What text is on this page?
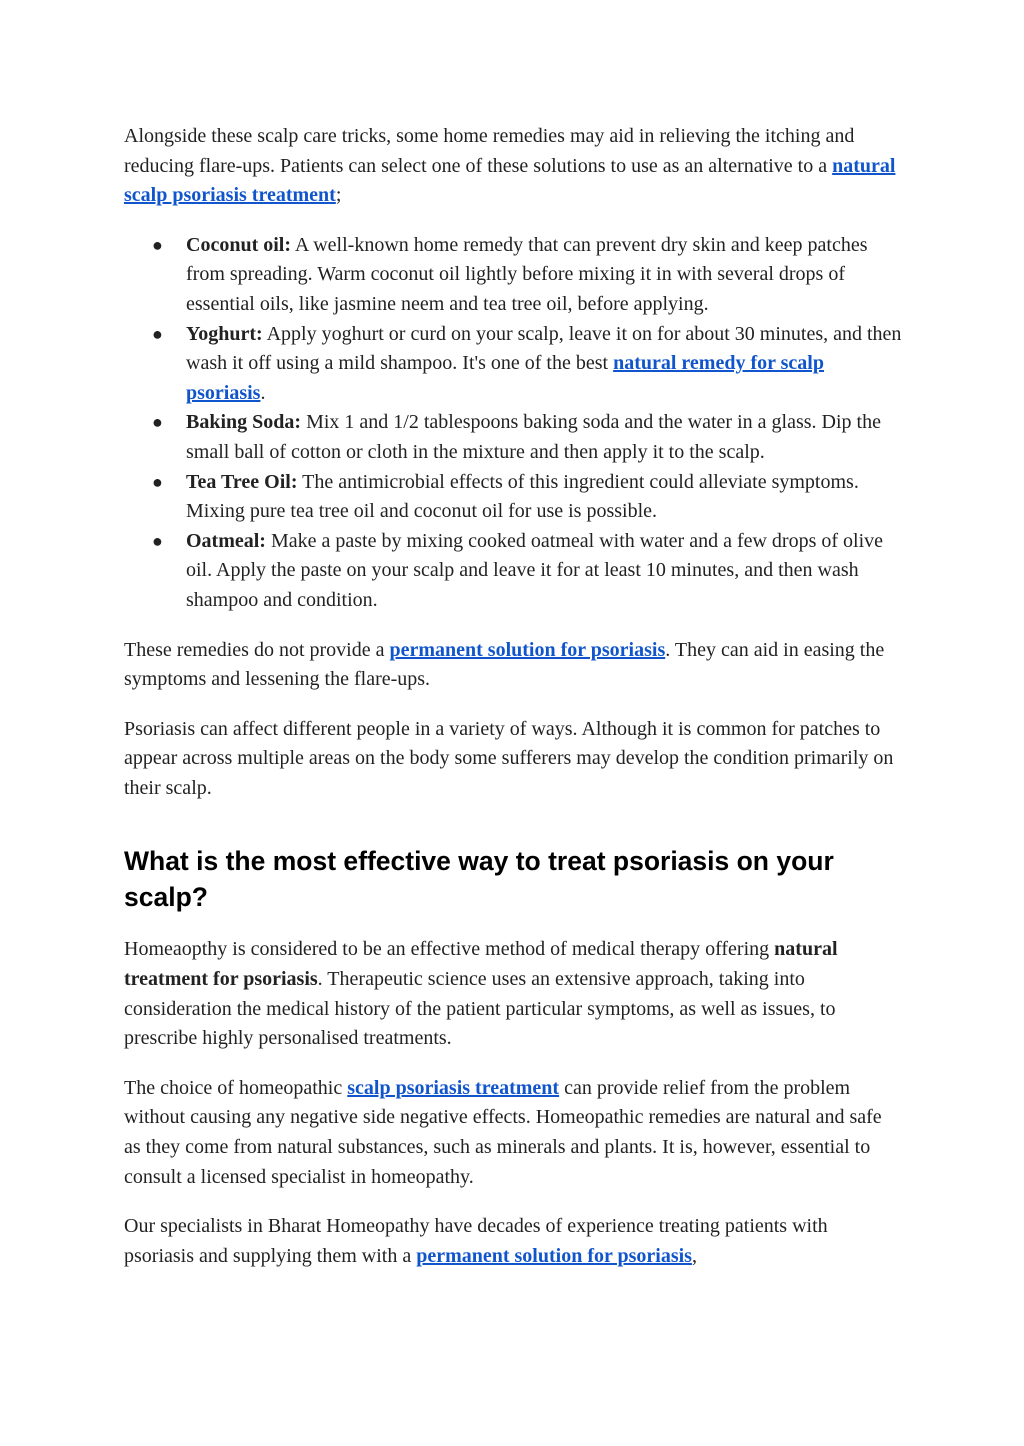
Alongside these scalp care tricks, some home remedies may aid in relieving the itching and reducing flare-ups. Patients can select one of these solutions to use as an alternative to a natural scalp psoriasis treatment;

● Coconut oil: A well-known home remedy that can prevent dry skin and keep patches from spreading. Warm coconut oil lightly before mixing it in with several drops of essential oils, like jasmine neem and tea tree oil, before applying.
● Yoghurt: Apply yoghurt or curd on your scalp, leave it on for about 30 minutes, and then wash it off using a mild shampoo. It's one of the best natural remedy for scalp psoriasis.
● Baking Soda: Mix 1 and 1/2 tablespoons baking soda and the water in a glass. Dip the small ball of cotton or cloth in the mixture and then apply it to the scalp.
● Tea Tree Oil: The antimicrobial effects of this ingredient could alleviate symptoms. Mixing pure tea tree oil and coconut oil for use is possible.
● Oatmeal: Make a paste by mixing cooked oatmeal with water and a few drops of olive oil. Apply the paste on your scalp and leave it for at least 10 minutes, and then wash shampoo and condition.

These remedies do not provide a permanent solution for psoriasis. They can aid in easing the symptoms and lessening the flare-ups.

Psoriasis can affect different people in a variety of ways. Although it is common for patches to appear across multiple areas on the body some sufferers may develop the condition primarily on their scalp.

What is the most effective way to treat psoriasis on your scalp?

Homeaopthy is considered to be an effective method of medical therapy offering natural treatment for psoriasis. Therapeutic science uses an extensive approach, taking into consideration the medical history of the patient particular symptoms, as well as issues, to prescribe highly personalised treatments.

The choice of homeopathic scalp psoriasis treatment can provide relief from the problem without causing any negative side negative effects. Homeopathic remedies are natural and safe as they come from natural substances, such as minerals and plants. It is, however, essential to consult a licensed specialist in homeopathy.

Our specialists in Bharat Homeopathy have decades of experience treating patients with psoriasis and supplying them with a permanent solution for psoriasis,
